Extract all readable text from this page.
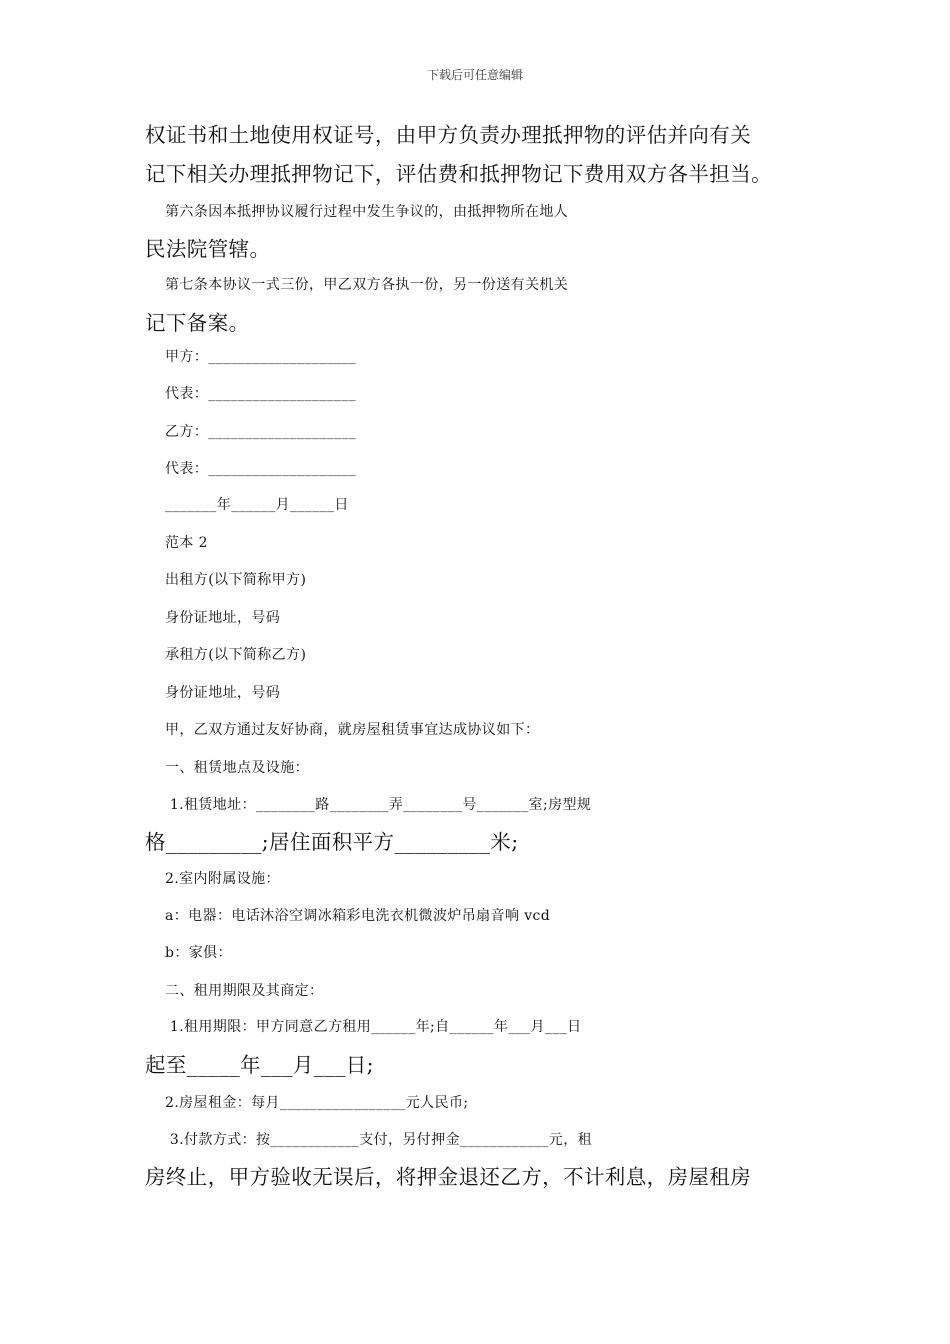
下载后可任意编辑
权证书和土地使用权证号，由甲方负责办理抵押物的评估并向有关
记下相关办理抵押物记下，评估费和抵押物记下费用双方各半担当。
第六条因本抵押协议履行过程中发生争议的，由抵押物所在地人
民法院管辖。
第七条本协议一式三份，甲乙双方各执一份，另一份送有关机关
记下备案。
甲方：____________________
代表：____________________
乙方：____________________
代表：____________________
_______年______月______日
范本 2
出租方(以下简称甲方)
身份证地址，号码
承租方(以下简称乙方)
身份证地址，号码
甲，乙双方通过友好协商，就房屋租赁事宜达成协议如下：
一、租赁地点及设施：
1.租赁地址：________路________弄________号_______室;房型规
格_________;居住面积平方_________米;
2.室内附属设施：
a：电器：电话沐浴空调冰箱彩电洗衣机微波炉吊扇音响 vcd
b：家俱：
二、租用期限及其商定：
1.租用期限：甲方同意乙方租用______年;自______年___月___日
起至_____年___月___日;
2.房屋租金：每月_________________元人民币;
3.付款方式：按____________支付，另付押金____________元，租
房终止，甲方验收无误后，将押金退还乙方，不计利息，房屋租房
